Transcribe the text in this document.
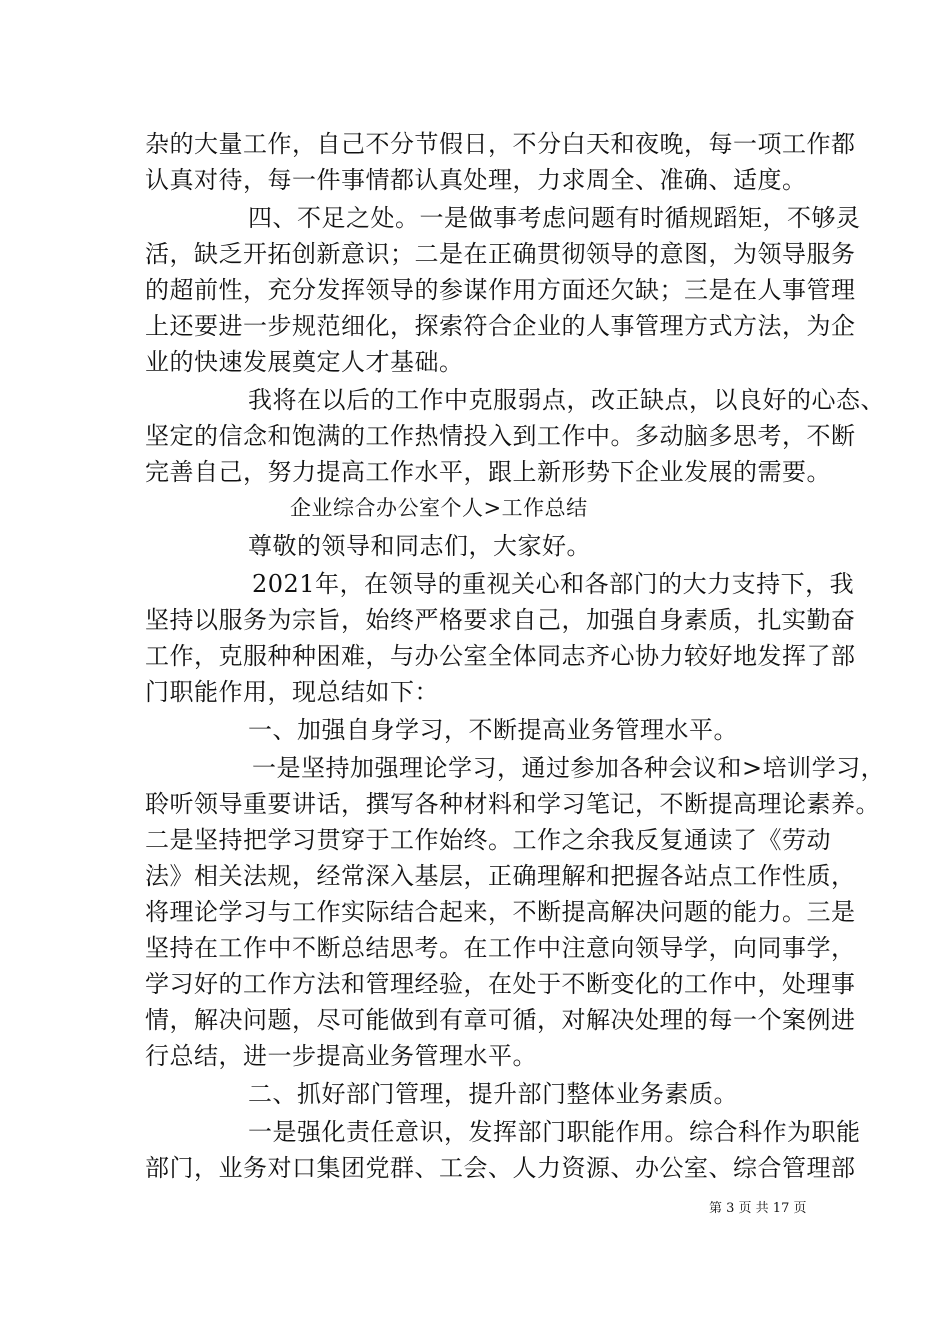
杂的大量工作，自己不分节假日，不分白天和夜晚，每一项工作都
认真对待，每一件事情都认真处理，力求周全、准确、适度。
四、不足之处。一是做事考虑问题有时循规蹈矩，不够灵
活，缺乏开拓创新意识；二是在正确贯彻领导的意图，为领导服务
的超前性，充分发挥领导的参谋作用方面还欠缺；三是在人事管理
上还要进一步规范细化，探索符合企业的人事管理方式方法，为企
业的快速发展奠定人才基础。
我将在以后的工作中克服弱点，改正缺点，以良好的心态、
坚定的信念和饱满的工作热情投入到工作中。多动脑多思考，不断
完善自己，努力提高工作水平，跟上新形势下企业发展的需要。
企业综合办公室个人>工作总结
尊敬的领导和同志们，大家好。
2021年，在领导的重视关心和各部门的大力支持下，我
坚持以服务为宗旨，始终严格要求自己，加强自身素质，扎实勤奋
工作，克服种种困难，与办公室全体同志齐心协力较好地发挥了部
门职能作用，现总结如下：
一、加强自身学习，不断提高业务管理水平。
一是坚持加强理论学习，通过参加各种会议和>培训学习，
聆听领导重要讲话，撰写各种材料和学习笔记，不断提高理论素养。
二是坚持把学习贯穿于工作始终。工作之余我反复通读了《劳动
法》相关法规，经常深入基层，正确理解和把握各站点工作性质，
将理论学习与工作实际结合起来，不断提高解决问题的能力。三是
坚持在工作中不断总结思考。在工作中注意向领导学，向同事学，
学习好的工作方法和管理经验，在处于不断变化的工作中，处理事
情，解决问题，尽可能做到有章可循，对解决处理的每一个案例进
行总结，进一步提高业务管理水平。
二、抓好部门管理，提升部门整体业务素质。
一是强化责任意识，发挥部门职能作用。综合科作为职能
部门，业务对口集团党群、工会、人力资源、办公室、综合管理部
第 3 页 共 17 页
